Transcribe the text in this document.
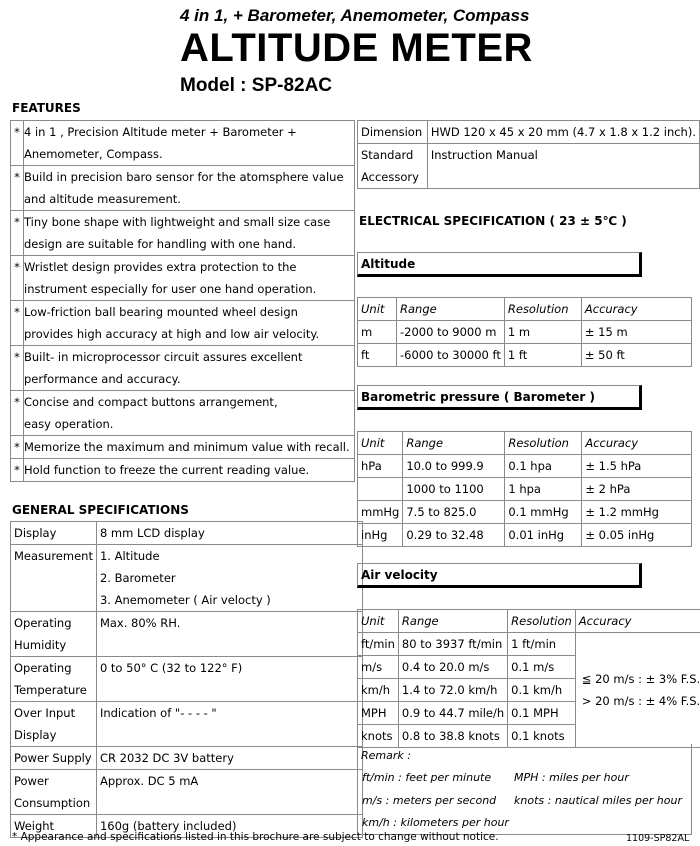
4 in 1, + Barometer, Anemometer, Compass
ALTITUDE METER
Model : SP-82AC
FEATURES
*	4 in 1 , Precision Altitude meter + Barometer +
	Anemometer, Compass.
*	Build in precision baro sensor for the atomsphere value
	and altitude measurement.
*	Tiny bone shape with lightweight and small size case
	design are suitable for handling with one hand.
*	Wristlet design provides extra protection to the
	instrument especially for user one hand operation.
*	Low-friction ball bearing mounted wheel design
	provides high accuracy at high and low air velocity.
*	Built- in microprocessor circuit assures excellent
	performance and accuracy.
*	Concise and compact buttons arrangement,
	easy operation.
*	Memorize the maximum and minimum value with recall.
*	Hold function to freeze the current reading value.
GENERAL SPECIFICATIONS
Display	8 mm LCD display
Measurement	1. Altitude
	2. Barometer
	3. Anemometer ( Air velocty )
Operating	Max. 80% RH.
Humidity	
Operating	0 to 50° C (32 to 122° F)
Temperature	
Over Input	Indication of "- - - - "
Display	
Power Supply	CR 2032 DC 3V battery
Power	Approx. DC 5 mA
Consumption	
Weight	160g (battery included)
Dimension	HWD 120 x 45 x 20 mm (4.7 x 1.8 x 1.2 inch).
Standard	Instruction Manual
Accessory	
ELECTRICAL SPECIFICATION ( 23 ± 5℃ )
Altitude
Unit	Range	Resolution	Accuracy
m	-2000 to 9000 m	1 m	± 15 m
ft	-6000 to 30000 ft	1 ft	± 50 ft
Barometric pressure ( Barometer )
Unit	Range	Resolution	Accuracy
hPa	10.0 to 999.9	0.1 hpa	± 1.5 hPa
	1000 to 1100	1 hpa	± 2 hPa
mmHg	7.5 to 825.0	0.1 mmHg	± 1.2 mmHg
inHg	0.29 to 32.48	0.01 inHg	± 0.05 inHg
Air velocity
Unit	Range	Resolution	Accuracy
ft/min	80 to 3937 ft/min	1 ft/min	≦ 20 m/s : ± 3% F.S.
> 20 m/s : ± 4% F.S.

m/s	0.4 to 20.0 m/s	0.1 m/s	
km/h	1.4 to 72.0 km/h	0.1 km/h	
MPH	0.9 to 44.7 mile/h	0.1 MPH	
knots	0.8 to 38.8 knots	0.1 knots	
Remark :
ft/min : feet per minute MPH : miles per hour
m/s : meters per second knots : nautical miles per hour
km/h : kilometers per hour
* Appearance and specifications listed in this brochure are subject to change without notice.	1109-SP82AL
